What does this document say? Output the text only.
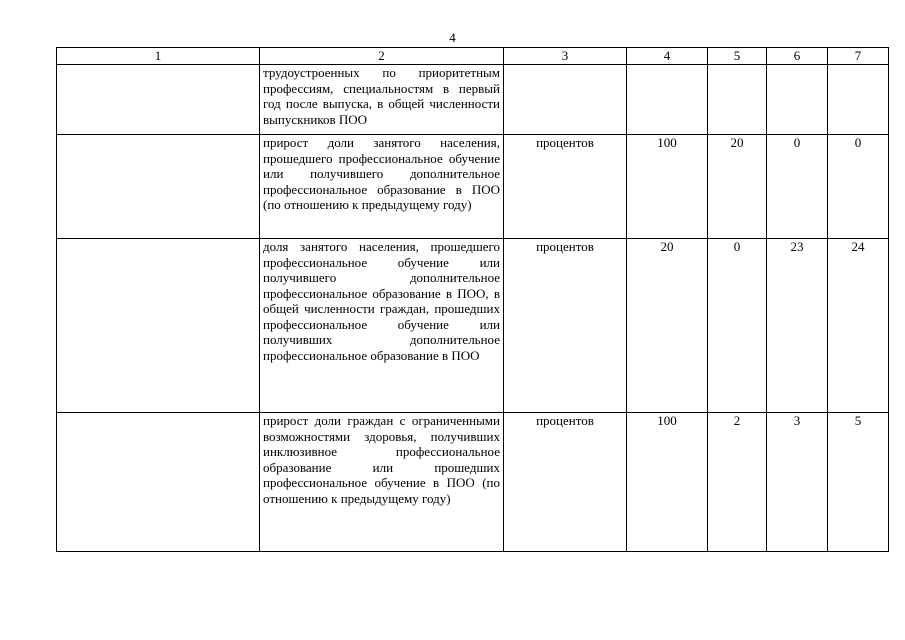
4
1	2	3	4	5	6	7
	трудоустроенных по приоритетным профессиям, специальностям в первый год после выпуска, в общей численности выпускников ПОО					
	прирост доли занятого населения, прошедшего профессиональное обучение или получившего дополнительное профессиональное образование в ПОО (по отношению к предыдущему году)	процентов	100	20	0	0
	доля занятого населения, прошедшего профессиональное обучение или получившего дополнительное профессиональное образование в ПОО, в общей численности граждан, прошедших профессиональное обучение или получивших дополнительное профессиональное образование в ПОО	процентов	20	0	23	24
	прирост доли граждан с ограниченными возможностями здоровья, получивших инклюзивное профессиональное образование или прошедших профессиональное обучение в ПОО (по отношению к предыдущему году)	процентов	100	2	3	5
